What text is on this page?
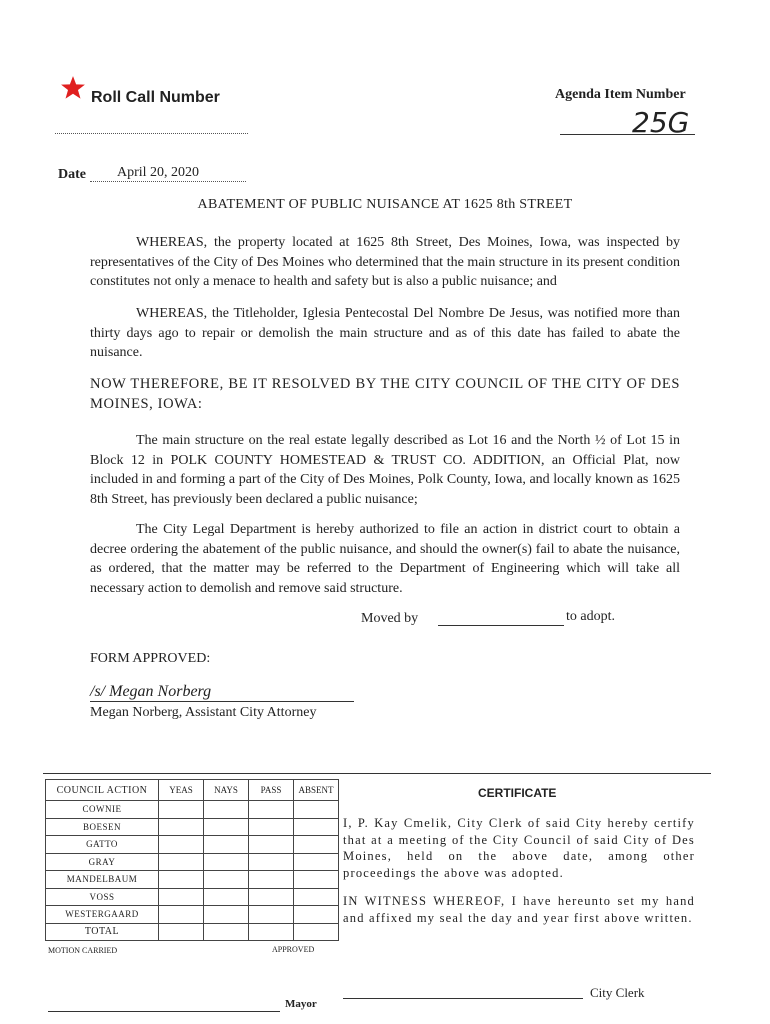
Roll Call Number	Agenda Item Number
25G
Date April 20, 2020
ABATEMENT OF PUBLIC NUISANCE AT 1625 8th STREET
WHEREAS, the property located at 1625 8th Street, Des Moines, Iowa, was inspected by representatives of the City of Des Moines who determined that the main structure in its present condition constitutes not only a menace to health and safety but is also a public nuisance; and
WHEREAS, the Titleholder, Iglesia Pentecostal Del Nombre De Jesus, was notified more than thirty days ago to repair or demolish the main structure and as of this date has failed to abate the nuisance.
NOW THEREFORE, BE IT RESOLVED BY THE CITY COUNCIL OF THE CITY OF DES MOINES, IOWA:
The main structure on the real estate legally described as Lot 16 and the North ½ of Lot 15 in Block 12 in POLK COUNTY HOMESTEAD & TRUST CO. ADDITION, an Official Plat, now included in and forming a part of the City of Des Moines, Polk County, Iowa, and locally known as 1625 8th Street, has previously been declared a public nuisance;
The City Legal Department is hereby authorized to file an action in district court to obtain a decree ordering the abatement of the public nuisance, and should the owner(s) fail to abate the nuisance, as ordered, that the matter may be referred to the Department of Engineering which will take all necessary action to demolish and remove said structure.
Moved by	to adopt.
FORM APPROVED:
/s/ Megan Norberg
Megan Norberg, Assistant City Attorney
COUNCIL ACTION	YEAS	NAYS	PASS	ABSENT
COWNIE				
BOESEN				
GATTO				
GRAY				
MANDELBAUM				
VOSS				
WESTERGAARD				
TOTAL				
MOTION CARRIED	APPROVED
Mayor
CERTIFICATE
I, P. Kay Cmelik, City Clerk of said City hereby certify that at a meeting of the City Council of said City of Des Moines, held on the above date, among other proceedings the above was adopted.
IN WITNESS WHEREOF, I have hereunto set my hand and affixed my seal the day and year first above written.
City Clerk
